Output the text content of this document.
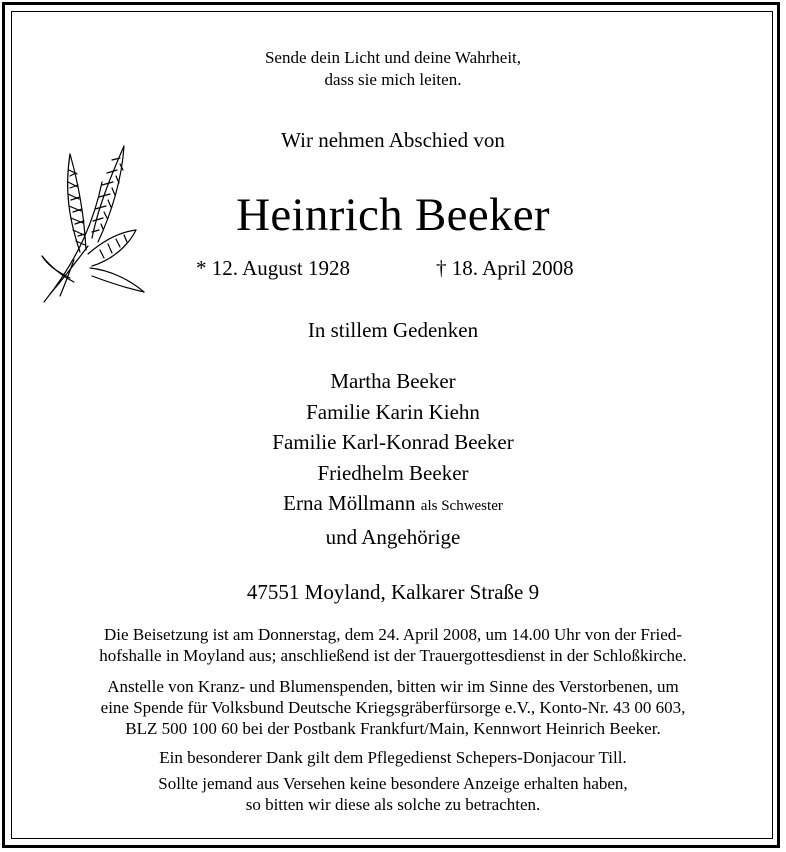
Sende dein Licht und deine Wahrheit,
dass sie mich leiten.
Wir nehmen Abschied von
Heinrich Beeker
* 12. August 1928	† 18. April 2008
In stillem Gedenken
Martha Beeker
Familie Karin Kiehn
Familie Karl-Konrad Beeker
Friedhelm Beeker
Erna Möllmann als Schwester
und Angehörige
47551 Moyland, Kalkarer Straße 9
Die Beisetzung ist am Donnerstag, dem 24. April 2008, um 14.00 Uhr von der Fried-
hofshalle in Moyland aus; anschließend ist der Trauergottesdienst in der Schloßkirche.
Anstelle von Kranz- und Blumenspenden, bitten wir im Sinne des Verstorbenen, um
eine Spende für Volksbund Deutsche Kriegsgräberfürsorge e.V., Konto-Nr. 43 00 603,
BLZ 500 100 60 bei der Postbank Frankfurt/Main, Kennwort Heinrich Beeker.
Ein besonderer Dank gilt dem Pflegedienst Schepers-Donjacour Till.
Sollte jemand aus Versehen keine besondere Anzeige erhalten haben,
so bitten wir diese als solche zu betrachten.
